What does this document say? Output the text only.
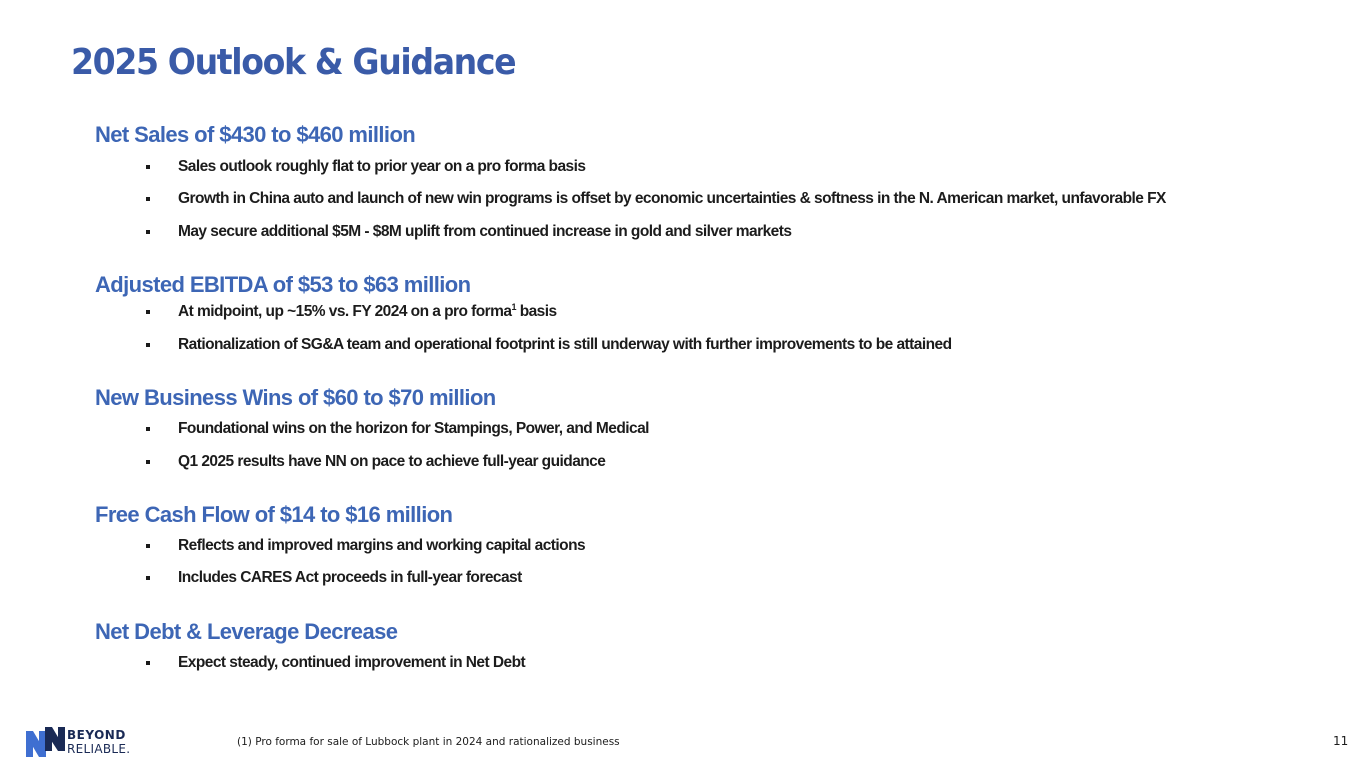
2025 Outlook & Guidance
Net Sales of $430 to $460 million
Sales outlook roughly flat to prior year on a pro forma basis
Growth in China auto and launch of new win programs is offset by economic uncertainties & softness in the N. American market, unfavorable FX
May secure additional $5M - $8M uplift from continued increase in gold and silver markets
Adjusted EBITDA of $53 to $63 million
At midpoint, up ~15% vs. FY 2024 on a pro forma$^1$ basis
Rationalization of SG&A team and operational footprint is still underway with further improvements to be attained
New Business Wins of $60 to $70 million
Foundational wins on the horizon for Stampings, Power, and Medical
Q1 2025 results have NN on pace to achieve full-year guidance
Free Cash Flow of $14 to $16 million
Reflects and improved margins and working capital actions
Includes CARES Act proceeds in full-year forecast
Net Debt & Leverage Decrease
Expect steady, continued improvement in Net Debt
BEYOND
RELIABLE.	(1) Pro forma for sale of Lubbock plant in 2024 and rationalized business	11
